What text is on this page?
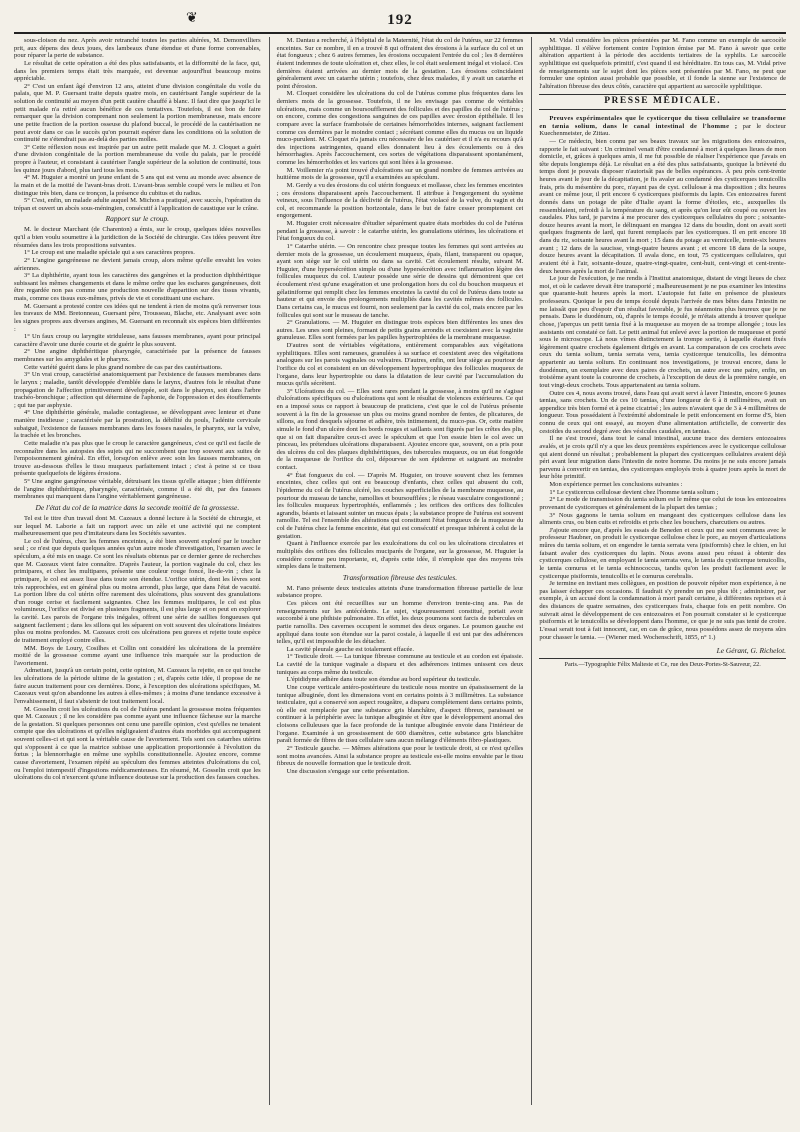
❦	192

sous-cloison du nez. Après avoir retranché toutes les parties altérées, M. Demonvilliers prit, aux dépens des deux joues, des lambeaux d'une étendue et d'une forme convenables, pour réparer la perte de substance.

Le résultat de cette opération a été des plus satisfaisants, et la difformité de la face, qui, dans les premiers temps était très marquée, est devenue aujourd'hui beaucoup moins appréciable.

2° C'est un enfant âgé d'environ 12 ans, atteint d'une division congénitale du voile du palais, que M. P. Guersant traite depuis quatre mois, en cautérisant l'angle supérieur de la solution de continuité au moyen d'un petit cautère chauffé à blanc. Il faut dire que jusqu'ici le petit malade n'a retiré aucun bénéfice de ces tentatives. Toutefois, il est bon de faire remarquer que la division comprenant non seulement la portion membraneuse, mais encore une petite fraction de la portion osseuse du plafond buccal, le procédé de la cautérisation ne peut avoir dans ce cas le succès qu'on pourrait espérer dans les conditions où la solution de continuité ne s'étendrait pas au-delà des parties molles.

3° Cette réflexion nous est inspirée par un autre petit malade que M. J. Cloquet a guéri d'une division congénitale de la portion membraneuse du voile du palais, par le procédé propre à l'auteur, et consistant à cautériser l'angle supérieur de la solution de continuité, tous les quinze jours d'abord, plus tard tous les mois.

4° M. Huguier a montré un jeune enfant de 5 ans qui est venu au monde avec absence de la main et de la moitié de l'avant-bras droit. L'avant-bras semble coupé vers le milieu et l'on distingue très bien, dans ce tronçon, la présence du cubitus et du radius.

5° C'est, enfin, un malade adulte auquel M. Michon a pratiqué, avec succès, l'opération du trépan et ouvert un abcès sous-méningien, consécutif à l'application de caustique sur le crâne.

Rapport sur le croup.

M. le docteur Marchant (de Charenton) a émis, sur le croup, quelques idées nouvelles qu'il a bien voulu soumettre à la juridiction de la Société de chirurgie. Ces idées peuvent être résumées dans les trois propositions suivantes.

1° Le croup est une maladie spéciale qui a ses caractères propres.

2° L'angine gangréneuse ne devient jamais croup, alors même qu'elle envahit les voies aériennes.

3° La diphthérite, ayant tous les caractères des gangrènes et la production diphthéritique subissant les mêmes changements et dans le même ordre que les eschares gangréneuses, doit être regardée non pas comme une production nouvelle d'apparition sur des tissus vivants, mais, comme ces tissus eux-mêmes, privés de vie et constituant une eschare.

M. Guersant a protesté contre ces idées qui ne tendent à rien de moins qu'à renverser tous les travaux de MM. Bretonneau, Guersant père, Trousseau, Blache, etc. Analysant avec soin les signes propres aux diverses angines, M. Guersant en reconnaît six espèces bien différentes :

1° Un faux croup ou laryngite striduleuse, sans fausses membranes, ayant pour principal caractère d'avoir une durée courte et de guérir le plus souvent.

2° Une angine diphthéritique pharyngée, caractérisée par la présence de fausses membranes sur les amygdales et le pharynx.

Cette variété guérit dans le plus grand nombre de cas par des cautérisations.

3° Un vrai croup, caractérisé anatomiquement par l'existence de fausses membranes dans le larynx ; maladie, tantôt développée d'emblée dans le larynx, d'autres fois le résultat d'une propagation de l'affection primitivement développée, soit dans le pharynx, soit dans l'arbre trachéo-bronchique ; affection qui détermine de l'aphonie, de l'oppression et des étouffements ; qui tue par asphyxie.

4° Une diphthérite générale, maladie contagieuse, se développant avec lenteur et d'une manière insidieuse ; caractérisée par la prostration, la débilité du pouls, l'adénite cervicale subaiguë, l'existence de fausses membranes dans les fosses nasales, le pharynx, sur la vulve, la trachée et les bronches.

Cette maladie n'a pas plus que le croup le caractère gangréneux, c'est ce qu'il est facile de reconnaître dans les autopsies des sujets qui ne succombent que trop souvent aux suites de l'empoisonnement général. En effet, lorsqu'on enlève avec soin les fausses membranes, on trouve au-dessous d'elles le tissu muqueux parfaitement intact ; c'est à peine si ce tissu présente quelquefois de légères érosions.

5° Une angine gangréneuse véritable, détruisant les tissus qu'elle attaque ; bien différente de l'angine diphthéritique, pharyngée, caractérisée, comme il a été dit, par des fausses membranes qui manquent dans l'angine véritablement gangréneuse.

De l'état du col de la matrice dans la seconde moitié de la grossesse.

Tel est le titre d'un travail dont M. Cazeaux a donné lecture à la Société de chirurgie, et sur lequel M. Laborie a fait un rapport avec un zèle et une activité qui ne comptent malheureusement que peu d'imitateurs dans les Sociétés savantes.

Le col de l'utérus, chez les femmes enceintes, a été bien souvent exploré par le toucher seul ; ce n'est que depuis quelques années qu'un autre mode d'investigation, l'examen avec le spéculum, a été mis en usage. Ce sont les résultats obtenus par ce dernier genre de recherches que M. Cazeaux vient faire connaître. D'après l'auteur, la portion vaginale du col, chez les primipares, et chez les multipares, présente une couleur rouge foncé, lie-de-vin ; chez la primipare, le col est assez lisse dans toute son étendue. L'orifice utérin, dont les lèvres sont très rapprochées, est en général plus ou moins arrondi, plus large, que dans l'état de vacuité. La portion libre du col utérin offre rarement des ulcérations, plus souvent des granulations d'un rouge cerise et facilement saignantes. Chez les femmes multipares, le col est plus volumineux, l'orifice est divisé en plusieurs fragments, il est plus large et on peut en explorer la cavité. Les parois de l'organe très inégales, offrent une série de saillies fongueuses qui saignent facilement ; dans les sillons qui les séparent on voit souvent des ulcérations linéaires plus ou moins profondes. M. Cazeaux croit ces ulcérations peu graves et rejette toute espèce de traitement employé contre elles.

MM. Boys de Loury, Cosilhes et Collin ont considéré les ulcérations de la première moitié de la grossesse comme ayant une influence très marquée sur la production de l'avortement.

Admettant, jusqu'à un certain point, cette opinion, M. Cazeaux la rejette, en ce qui touche les ulcérations de la période ultime de la gestation ; et, d'après cette idée, il propose de ne faire aucun traitement pour ces dernières. Donc, à l'exception des ulcérations spécifiques, M. Cazeaux veut qu'on abandonne les autres à elles-mêmes ; à moins d'une tendance excessive à l'envahissement, il faut s'abstenir de tout traitement local.

M. Gosselin croit les ulcérations du col de l'utérus pendant la grossesse moins fréquentes que M. Cazeaux ; il ne les considère pas comme ayant une influence fâcheuse sur la marche de la gestation. Si quelques personnes ont cenu une pareille opinion, c'est qu'elles ne tenaient compte que des ulcérations et qu'elles négligeaient d'autres états morbides qui accompagnent souvent celles-ci et qui sont la véritable cause de l'avortement. Tels sont ces catarrhes utérins qui s'opposent à ce que la matrice subisse une application proportionnée à l'évolution du fœtus ; la blennorrhagie en même une syphilis constitutionnelle. Ajoutez encore, comme cause d'avortement, l'examen répété au spéculum des femmes atteintes d'ulcérations du col, ou l'emploi intempestif d'ingestions médicamenteuses. En résumé, M. Gosselin croit que les ulcérations du col n'exercent qu'une influence douteuse sur la production des fausses couches.

M. Dantau a recherché, à l'hôpital de la Maternité, l'état du col de l'utérus, sur 22 femmes enceintes. Sur ce nombre, il en a trouvé 8 qui offraient des érosions à la surface du col et un état fongueux ; chez 6 autres femmes, les érosions occupaient l'entrée du col ; les 8 dernières étaient indemnes de toute ulcération et, chez elles, le col était seulement inégal et violacé. Ces dernières étaient arrivées au dernier mois de la gestation. Les érosions coïncidaient généralement avec un catarrhe utérin ; toutefois, chez deux malades, il y avait un catarrhe et point d'érosion.

M. Cloquet considère les ulcérations du col de l'utérus comme plus fréquentes dans les derniers mois de la grossesse. Toutefois, il ne les envisage pas comme de véritables ulcérations, mais comme un boursoufflement des follicules et des papilles du col de l'utérus ; on encore, comme des congestions sanguines de ces papilles avec érosion épithéliale. Il les compare avec la surface framboisée de certaines hémorrhoïdes internes, saignant facilement comme ces dernières par le moindre contact ; sécrétant comme elles du mucus ou un liquide muco-purulent. M. Cloquet n'a jamais cru nécessaire de les cautériser et il n'a eu recours qu'à des injections astringentes, quand elles donnaient lieu à des écoulements ou à des hémorrhagies. Après l'accouchement, ces sortes de végétations disparaissent spontanément, comme les hémorrhoïdes et les varices qui sont liées à la grossesse.

M. Voillemier n'a point trouvé d'ulcérations sur un grand nombre de femmes arrivées au huitième mois de la grossesse, qu'il a examinées au spéculum.

M. Gerdy a vu des érosions du col utérin fongueux et mollasse, chez les femmes enceintes ; ces érosions disparaissent après l'accouchement. Il attribue à l'engorgement du système veineux, sous l'influence de la déclivité de l'utérus, l'état violacé de la vulve, du vagin et du col, et recommande la position horizontale, dans le but de faire cesser promptement cet engorgement.

M. Huguier croit nécessaire d'étudier séparément quatre états morbides du col de l'utérus pendant la grossesse, à savoir : le catarrhe utérin, les granulations utérines, les ulcérations et l'état fongueux du col.

1° Catarrhe utérin. — On rencontre chez presque toutes les femmes qui sont arrivées au dernier mois de la grossesse, un écoulement muqueux, épais, filant, transparent ou opaque, ayant son siège sur le col utérin ou dans sa cavité. Cet écoulement résulte, suivant M. Huguier, d'une hypersécrétion simple ou d'une hypersécrétion avec inflammation légère des follicules muqueux du col. L'auteur possède une série de dessins qui démontrent que cet écoulement n'est qu'une exagération et une prolongation hors du col du bouchon muqueux et gélatiniforme qui remplit chez les femmes enceintes la cavité du col de l'utérus dans toute sa hauteur et qui envoie des prolongements multipliés dans les cavités mêmes des follicules. Dans certains cas, le mucus est fourni, non seulement par la cavité du col, mais encore par les follicules qui sont sur le museau de tanche.

2° Granulations. — M. Huguier en distingue trois espèces bien différentes les unes des autres. Les unes sont pleines, formant de petits grains arrondis et coexistent avec la vaginite granuleuse. Elles sont formées par les papilles hypertrophiées de la membrane muqueuse.

D'autres sont de véritables végétations, entièrement comparables aux végétations syphilitiques. Elles sont rameuses, granulées à sa surface et coexistent avec des végétations analogues sur les parois vaginales ou vulvaires. D'autres, enfin, ont leur siège au pourtour de l'orifice du col et consistent en un développement hypertrophique des follicules muqueux de l'organe, dans leur hypertrophie ou dans la dilatation de leur cavité par l'accumulation du mucus qu'ils sécrètent.

3° Ulcérations du col. — Elles sont rares pendant la grossesse, à moins qu'il ne s'agisse d'ulcérations spécifiques ou d'ulcérations qui sont le résultat de violences extérieures. Ce qui en a imposé sous ce rapport à beaucoup de praticiens, c'est que le col de l'utérus présente souvent à la fin de la grossesse un plus ou moins grand nombre de fentes, de plicatures, de sillons, au fond desquels séjourne et adhère, très intimement, du muco-pus. Or, cette matière simule le fond d'un ulcère dont les bords rouges et saillants sont figurés par les crêtes des plis, que si on fait disparaître ceux-ci avec le spéculum et que l'on essuie bien le col avec un pinceau, les prétendues ulcérations disparaissent. Ajoutez encore que, souvent, on a pris pour des ulcères du col des plaques diphthéritiques, des tubercules muqueux, ou un état fongoïde de la muqueuse de l'orifice du col, dépourvue de son épiderme et saignant au moindre contact.

4° État fongueux du col. — D'après M. Huguier, on trouve souvent chez les femmes enceintes, chez celles qui ont eu beaucoup d'enfants, chez celles qui abusent du coït, l'épiderme du col de l'utérus ulcéré, les couches superficielles de la membrane muqueuse, au pourtour du museau de tanche, ramollies et boursoufflées ; le réseau vasculaire congestionné ; les follicules muqueux hypertrophiés, enflammés ; les orifices des orifices des follicules agrandis, béants et laissant suinter un mucus épais ; la substance propre de l'utérus est souvent ramollie. Tel est l'ensemble des altérations qui constituent l'état fongueux de la muqueuse du col de l'utérus chez la femme enceinte, état qui est consécutif et presque inhérent à celui de la gestation.

Quant à l'influence exercée par les exulcérations du col ou les ulcérations circulaires et multipliés des orifices des follicules muciparés de l'organe, sur la grossesse, M. Huguier la considère comme peu importante, et, d'après cette idée, il n'emploie que des moyens très simples dans le traitement.

Transformation fibreuse des testicules.

M. Fano présente deux testicules atteints d'une transformation fibreuse partielle de leur substance propre.

Ces pièces ont été recueillies sur un homme d'environ trente-cinq ans. Pas de renseignements sur les antécédents. Le sujet, vigoureusement constitué, portait avoir succombé à une phthisie pulmonaire. En effet, les deux poumons sont farcis de tubercules en partie ramollis. Des cavernes occupent le sommet des deux organes. Le poumon gauche est appliqué dans toute son étendue sur la paroi costale, à laquelle il est uni par des adhérences telles, qu'il est impossible de les détacher.

La cavité pleurale gauche est totalement effacée.

1° Testicule droit. — La tunique fibreuse commune au testicule et au cordon est épaissie. La cavité de la tunique vaginale a disparu et des adhérences intimes unissent ces deux tuniques au corps même du testicule.

L'épididyme adhère dans toute son étendue au bord supérieur du testicule.

Une coupe verticale antéro-postérieure du testicule nous montre un épaississement de la tunique albuginée, dont les dimensions vont en certains points à 3 millimètres. La substance testiculaire, qui a conservé son aspect rougeâtre, a disparu complètement dans certains points, où elle est remplacée par une substance gris blanchâtre, d'aspect fibreux, paraissant se continuer à la périphérie avec la tunique albuginée et être que le développement anomal des cloisons celluleuses que la face profonde de la tunique albuginée envoie dans l'intérieur de l'organe. Examinée à un grossissement de 600 diamètres, cette substance gris blanchâtre paraît formée de fibres de tissu cellulaire sans aucun mélange d'éléments fibro-plastiques.

2° Testicule gauche. — Mêmes altérations que pour le testicule droit, si ce n'est qu'elles sont moins avancées. Ainsi la substance propre au testicule est-elle moins envahie par le tissu fibreux de nouvelle formation que le testicule droit.

Une discussion s'engage sur cette présentation.

M. Vidal considère les pièces présentées par M. Fano comme un exemple de sarcocèle syphilitique. Il s'élève fortement contre l'opinion émise par M. Fano à savoir que cette altération appartient à la période des accidents tertiaires de la syphilis. Le sarcocèle syphilitique est quelquefois primitif, c'est quand il est héréditaire. En tous cas, M. Vidal prive de renseignements sur le sujet dont les pièces sont présentées par M. Fano, ne peut que formuler une opinion aussi probable que possible, et il fonde la sienne sur l'existence de l'altération fibreuse des deux côtés, caractère qui appartient au sarcocèle syphilitique.

PRESSE MÉDICALE.

Preuves expérimentales que le cysticerque du tissu cellulaire se transforme en tænia solium, dans le canal intestinal de l'homme ; par le docteur Kuechenmeister, de Zittau.

— Ce médecin, bien connu par ses beaux travaux sur les migrations des entozoaires, rapporte le fait suivant : Un criminel venait d'être condamné à mort à quelques lieues de mon domicile, et, grâces à quelques amis, il me fut possible de réaliser l'expérience que j'avais en tête depuis longtemps déjà. Le résultat en a été des plus satisfaisants, quoique la brièveté du temps dont je pouvais disposer n'autorisât pas de belles espérances. À peu près cent-trente heures avant le jour de la décapitation, je fis avaler au condamné des cysticerques tenuicollis frais, pris du mésentère du porc, n'ayant pas de cyst. cellulosæ à ma disposition ; dix heures avant ce même jour, il prit encore 6 cysticerques pisiformis du lapin. Ces entozoaires furent donnés dans un potage de pâte d'Italie ayant la forme d'étoiles, etc., auxquelles ils ressemblaient, refroidi à la température du sang, et après qu'on leur eût coupé ou ouvert les caudales. Plus tard, je parvins à me procurer des cysticerques cellulaires du porc ; soixante-douze heures avant la mort, le délinquant en mangea 12 dans du boudin, dont on avait sorti quelques fragments de lard, qui furent remplacés par les cysticerques. Il en prit encore 18 dans du riz, soixante heures avant la mort ; 15 dans du potage au vermicelle, trente-six heures avant ; 12 dans de la saucisse, vingt-quatre heures avant ; et encore 18 dans de la soupe, douze heures avant la décapitation. Il avala donc, en tout, 75 cysticerques cellulaires, qui avaient été à l'air, soixante-douze, quatre-vingt-quatre, cent-huit, cent-vingt et cent-trente-deux heures après la mort de l'animal.

Le jour de l'exécution, je me rendis à l'Institut anatomique, distant de vingt lieues de chez moi, et où le cadavre devait être transporté ; malheureusement je ne pus examiner les intestins que quarante-huit heures après la mort. L'autopsie fut faite en présence de plusieurs professeurs. Quoique le peu de temps écoulé depuis l'arrivée de mes bêtes dans l'intestin ne me laissât que peu d'espoir d'un résultat favorable, je fus néanmoins plus heureux que je ne pensais. Dans le duodénum, où, d'après le temps écoulé, je m'étais attendu à trouver quelque chose, j'aperçus un petit tænia fixé à la muqueuse au moyen de sa trompe allongée ; tous les assistants ont constaté ce fait. Le petit animal fut enlevé avec la portion de muqueuse et porté sous le microscope. Là nous vîmes distinctement la trompe sortie, à laquelle étaient fixés légèrement quatre crochets également dirigés en avant. La comparaison de ces crochets avec ceux du tænia solium, tænia serrata vera, tænia cysticerque tenuicollis, les démontra appartenir au tænia solium. En continuant nos investigations, je trouvai encore, dans le duodénum, un exemplaire avec deux paires de crochets, un autre avec une paire, enfin, un troisième ayant toute la couronne de crochets, à l'exception de deux de la première rangée, en tout vingt-deux crochets. Tous appartenaient au tænia solium.

Outre ces 4, nous avons trouvé, dans l'eau qui avait servi à laver l'intestin, encore 6 jeunes tænias, sans crochets. Un de ces 10 tænias, d'une longueur de 6 à 8 millimètres, avait un appendice très bien formé et à peine cicatrisé ; les autres n'avaient que de 3 à 4 millimètres de longueur. Tous possédaient à l'extrémité abdominale le petit enfoncement en forme d'S, bien connu de ceux qui ont essayé, au moyen d'une alimentation artificielle, de convertir des cestoïdes du second degré avec des vésicules caudales, en tænias.

Il ne s'est trouvé, dans tout le canal intestinal, aucune trace des derniers entozoaires avalés, et je crois qu'il n'y a que les deux premières expériences avec le cysticerque cellulosæ qui aient donné un résultat ; probablement la plupart des cysticerques cellulaires avaient déjà péri avant leur migration dans l'intestin de notre homme. Du moins je ne suis encore jamais parvenu à convertir en tænias, des cysticerques employés trois à quatre jours après la mort de leur hôte primitif.

Mon expérience permet les conclusions suivantes :

1° Le cysticercus cellulosæ devient chez l'homme tænia solium ;

2° Le mode de transmission du tænia solium est le même que celui de tous les entozoaires provenant de cysticerques et généralement de la plupart des tænias ;

3° Nous gagnons le tænia solium en mangeant des cysticerques cellulose dans les aliments crus, ou bien cuits et refroidis et pris chez les bouchers, charcutiers ou autres.

J'ajoute encore que, d'après les essais de Beneden et ceux qui me sont communs avec le professeur Haubner, on produit le cysticerque cellulose chez le porc, au moyen d'articulations mûres du tænia solium, et on engendre le tænia serrata vera (pisiformis) chez le chien, en lui faisant avaler des cysticerques du lapin. Nous avons aussi peu réussi à obtenir des cysticerques cellulose, en employant le tænia serrata vera, le tænia du cysticerque tenuicollis, le tænia cœnurus et le tænia echinococcus, tandis qu'on les produit facilement avec le cysticerque pisiformis, tenuicollis et le cœnurus cerebralis.

Je termine en invitant mes collègues, en position de pouvoir répéter mon expérience, à ne pas laisser échapper ces occasions. Il faudrait s'y prendre un peu plus tôt ; administrer, par exemple, à un accusé dont la condamnation à mort paraît certaine, à différentes reprises et à des distances de quatre semaines, des cysticerques frais, chaque fois en petit nombre. On suivrait ainsi le développement de ces entozoaires et l'on pourrait constater si le cysticerque pisiformis et le tenuicollis se développent dans l'homme, ce que je ne suis pas tenté de croire. L'essai serait tout à fait innocent, car, en cas de grâce, nous possédons assez de moyens sûrs pour chasser le tænia. — (Wiener med. Wochenschrift, 1855, n° 1.)

Le Gérant, G. Richelot.
Paris.—Typographie Félix Malteste et Ce, rue des Deux-Portes-St-Sauveur, 22.
